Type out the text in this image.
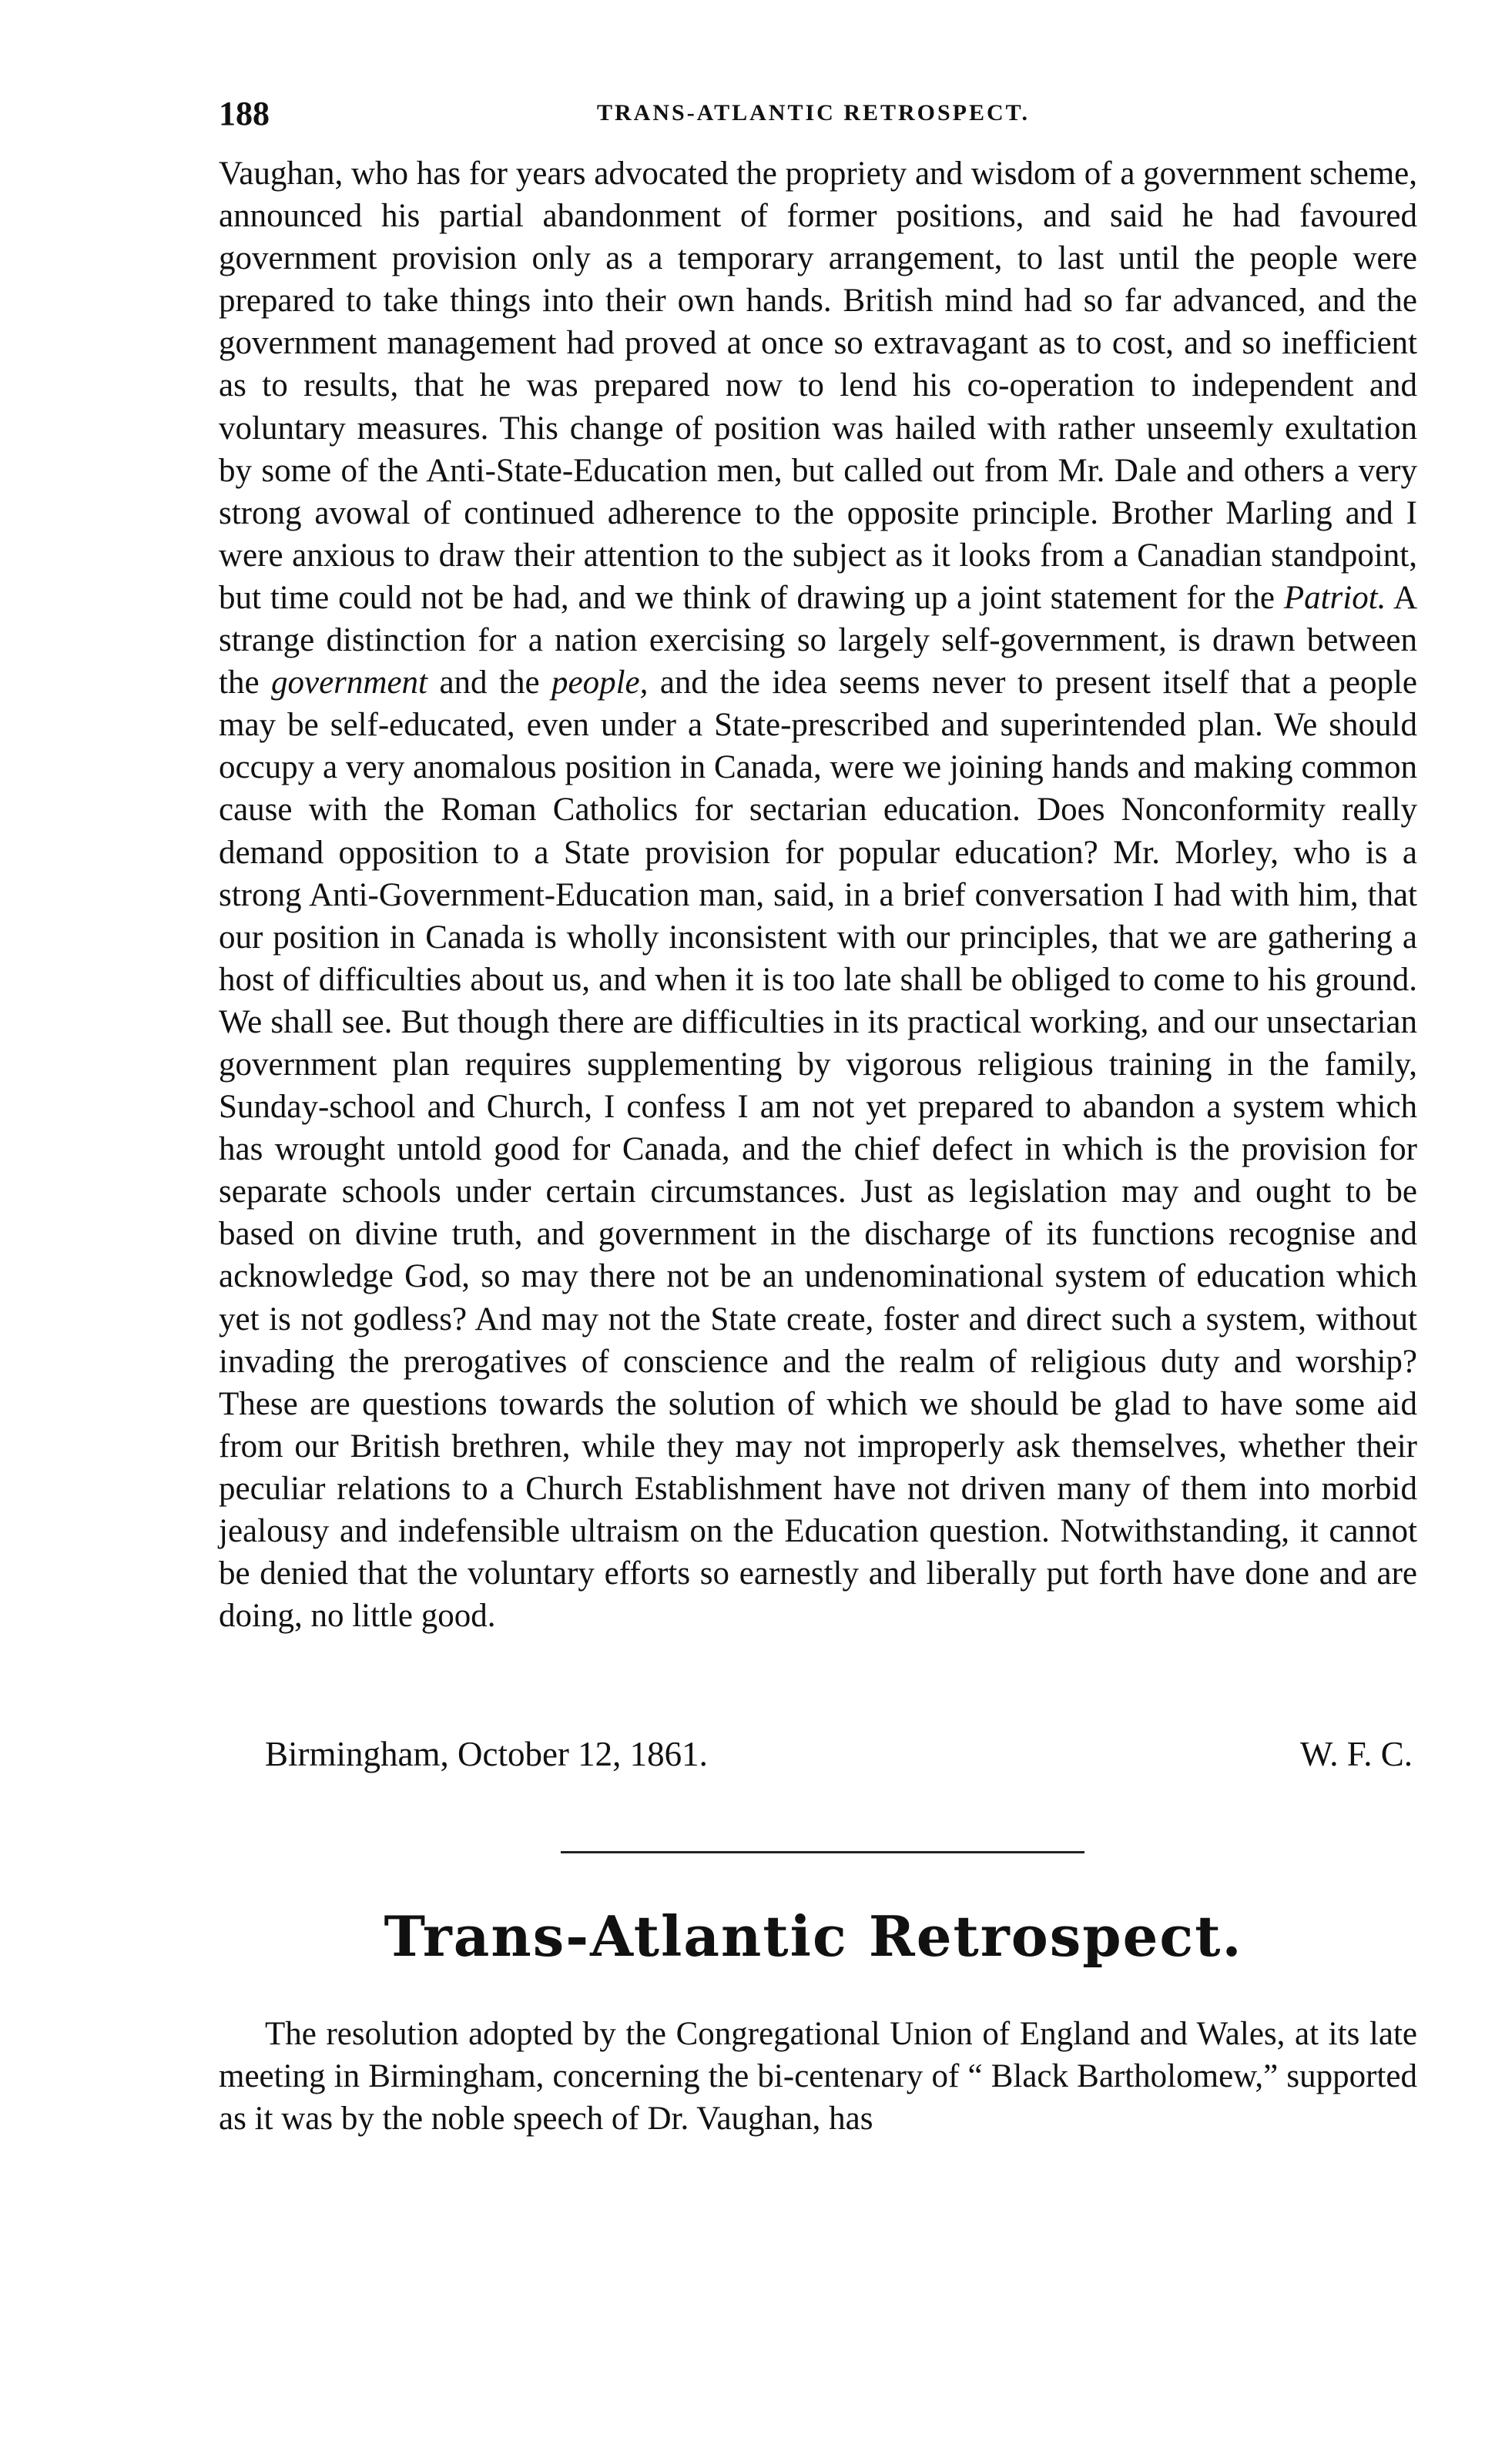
188	TRANS-ATLANTIC RETROSPECT.

Vaughan, who has for years advocated the propriety and wisdom of a government scheme, announced his partial abandonment of former positions, and said he had favoured government provision only as a temporary arrangement, to last until the people were prepared to take things into their own hands. British mind had so far advanced, and the government management had proved at once so extravagant as to cost, and so inefficient as to results, that he was prepared now to lend his co-operation to independent and voluntary measures. This change of position was hailed with rather unseemly exultation by some of the Anti-State-Education men, but called out from Mr. Dale and others a very strong avowal of continued adherence to the opposite principle. Brother Marling and I were anxious to draw their attention to the subject as it looks from a Canadian standpoint, but time could not be had, and we think of drawing up a joint statement for the Patriot. A strange distinction for a nation exercising so largely self-government, is drawn between the government and the people, and the idea seems never to present itself that a people may be self-educated, even under a State-prescribed and superintended plan. We should occupy a very anomalous position in Canada, were we joining hands and making common cause with the Roman Catholics for sectarian education. Does Nonconformity really demand opposition to a State provision for popular education? Mr. Morley, who is a strong Anti-Government-Education man, said, in a brief conversation I had with him, that our position in Canada is wholly inconsistent with our principles, that we are gathering a host of difficulties about us, and when it is too late shall be obliged to come to his ground. We shall see. But though there are difficulties in its practical working, and our unsectarian government plan requires supplementing by vigorous religious training in the family, Sunday-school and Church, I confess I am not yet prepared to abandon a system which has wrought untold good for Canada, and the chief defect in which is the provision for separate schools under certain circumstances. Just as legislation may and ought to be based on divine truth, and government in the discharge of its functions recognise and acknowledge God, so may there not be an undenominational system of education which yet is not godless? And may not the State create, foster and direct such a system, without invading the prerogatives of conscience and the realm of religious duty and worship? These are questions towards the solution of which we should be glad to have some aid from our British brethren, while they may not improperly ask themselves, whether their peculiar relations to a Church Establishment have not driven many of them into morbid jealousy and indefensible ultraism on the Education question. Notwithstanding, it cannot be denied that the voluntary efforts so earnestly and liberally put forth have done and are doing, no little good.

Birmingham, October 12, 1861.	W. F. C.
Trans-Atlantic Retrospect.

The resolution adopted by the Congregational Union of England and Wales, at its late meeting in Birmingham, concerning the bi-centenary of “ Black Bartholomew,” supported as it was by the noble speech of Dr. Vaughan, has
